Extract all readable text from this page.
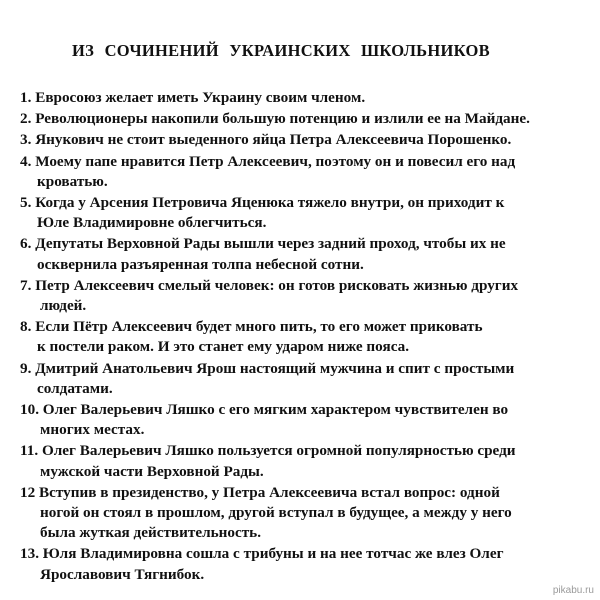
ИЗ СОЧИНЕНИЙ УКРАИНСКИХ ШКОЛЬНИКОВ
1. Евросоюз желает иметь Украину своим членом.
2. Революционеры накопили большую потенцию и излили ее на Майдане.
3. Янукович не стоит выеденного яйца Петра Алексеевича Порошенко.
4. Моему папе нравится Петр Алексеевич, поэтому он и повесил его над
кроватью.
5. Когда у Арсения Петровича Яценюка тяжело внутри, он приходит к
Юле Владимировне облегчиться.
6. Депутаты Верховной Рады вышли через задний проход, чтобы их не
осквернила разъяренная толпа небесной сотни.
7. Петр Алексеевич смелый человек: он готов рисковать жизнью других
людей.
8. Если Пётр Алексеевич будет много пить, то его может приковать
к постели раком. И это станет ему ударом ниже пояса.
9. Дмитрий Анатольевич Ярош настоящий мужчина и спит с простыми
солдатами.
10. Олег Валерьевич Ляшко с его мягким характером чувствителен во
многих местах.
11. Олег Валерьевич Ляшко пользуется огромной популярностью среди
мужской части Верховной Рады.
12 Вступив в президенство, у Петра Алексеевича встал вопрос: одной
ногой он стоял в прошлом, другой вступал в будущее, а между у него
была жуткая действительность.
13. Юля Владимировна сошла с трибуны и на нее тотчас же влез Олег
Ярославович Тягнибок.
pikabu.ru
